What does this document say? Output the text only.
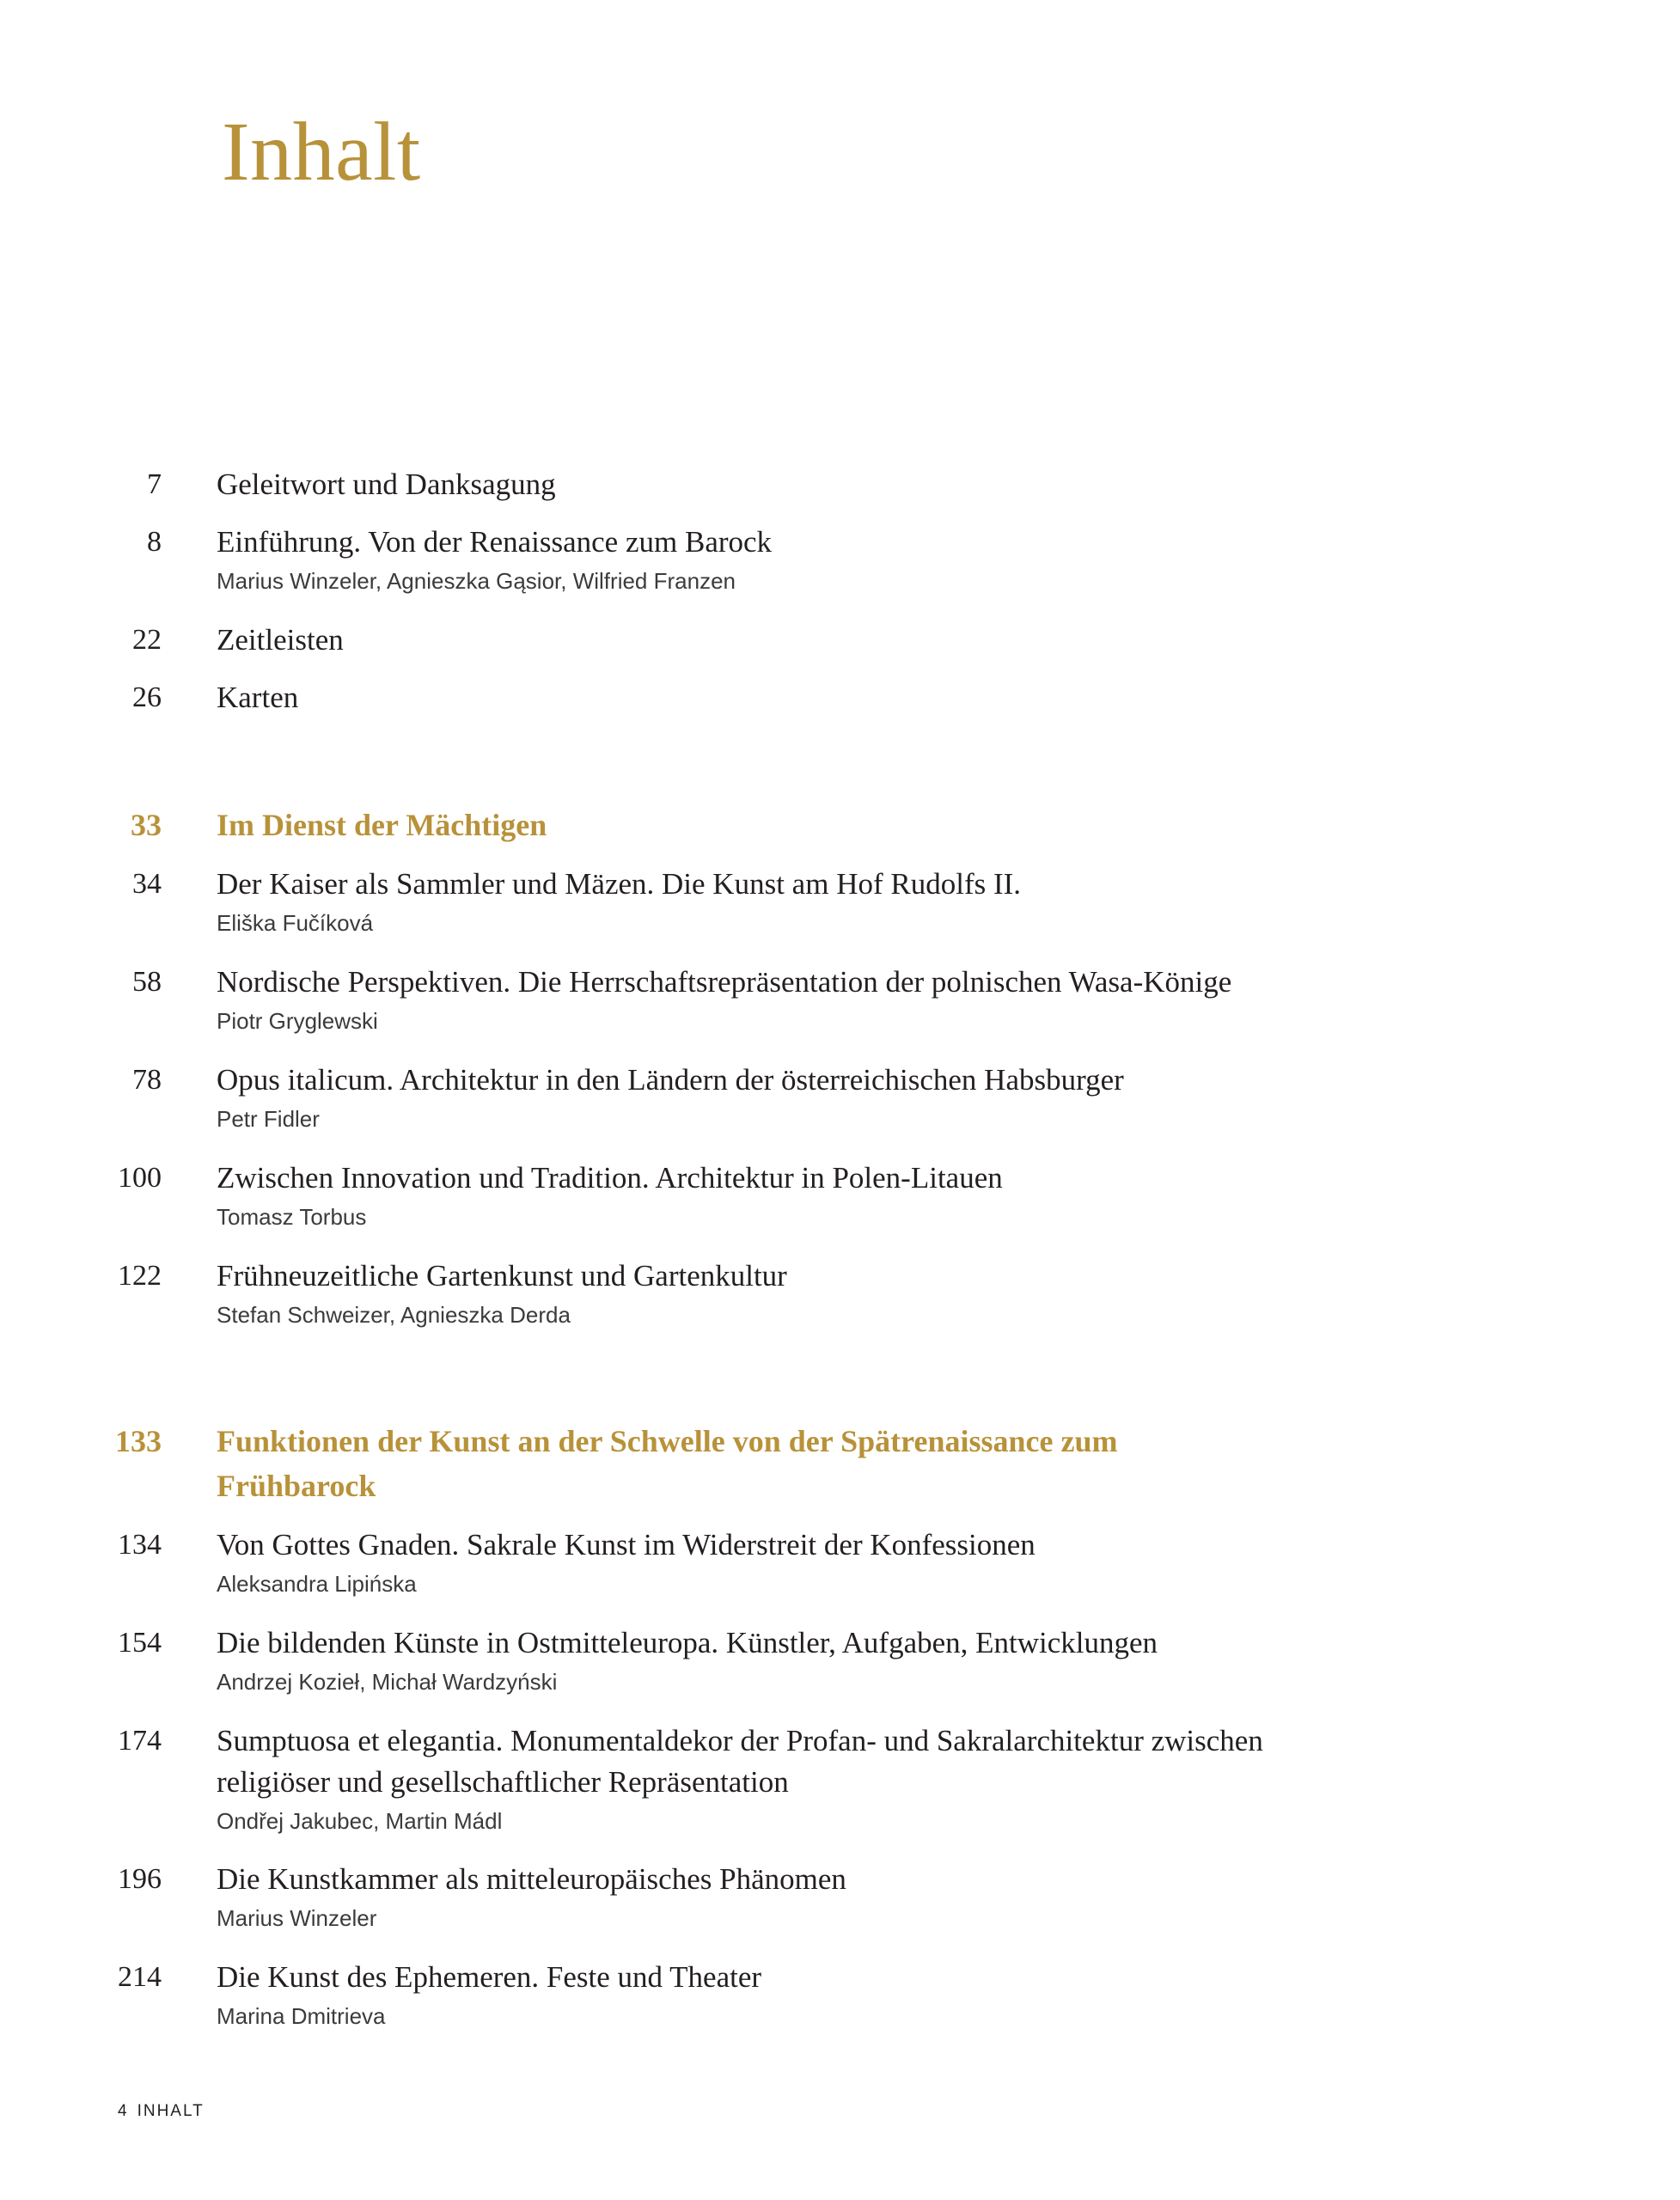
Inhalt
7 Geleitwort und Danksagung
8 Einführung. Von der Renaissance zum Barock
Marius Winzeler, Agnieszka Gąsior, Wilfried Franzen
22 Zeitleisten
26 Karten
33 Im Dienst der Mächtigen
34 Der Kaiser als Sammler und Mäzen. Die Kunst am Hof Rudolfs II.
Eliška Fučíková
58 Nordische Perspektiven. Die Herrschaftsrepräsentation der polnischen Wasa-Könige
Piotr Gryglewski
78 Opus italicum. Architektur in den Ländern der österreichischen Habsburger
Petr Fidler
100 Zwischen Innovation und Tradition. Architektur in Polen-Litauen
Tomasz Torbus
122 Frühneuzeitliche Gartenkunst und Gartenkultur
Stefan Schweizer, Agnieszka Derda
133 Funktionen der Kunst an der Schwelle von der Spätrenaissance zum
Frühbarock
134 Von Gottes Gnaden. Sakrale Kunst im Widerstreit der Konfessionen
Aleksandra Lipińska
154 Die bildenden Künste in Ostmitteleuropa. Künstler, Aufgaben, Entwicklungen
Andrzej Kozieł, Michał Wardzyński
174 Sumptuosa et elegantia. Monumentaldekor der Profan- und Sakralarchitektur zwischen
religiöser und gesellschaftlicher Repräsentation
Ondřej Jakubec, Martin Mádl
196 Die Kunstkammer als mitteleuropäisches Phänomen
Marius Winzeler
214 Die Kunst des Ephemeren. Feste und Theater
Marina Dmitrieva
4 INHALT
